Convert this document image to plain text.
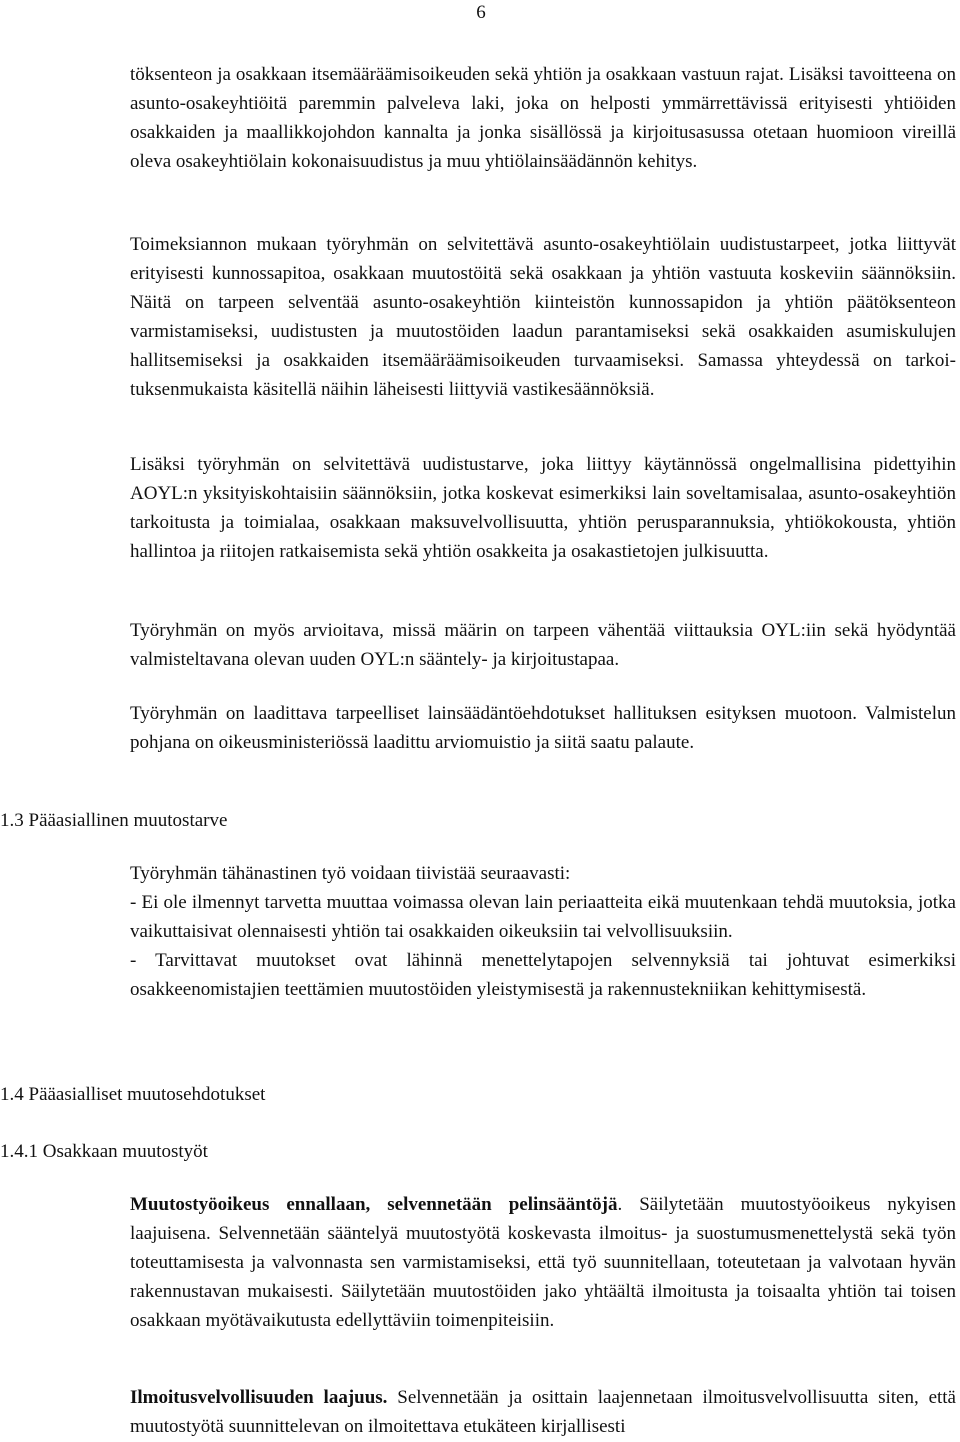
6

töksenteon ja osakkaan itsemääräämisoikeuden sekä yhtiön ja osakkaan vastuun rajat. Lisäksi tavoitteena on asunto-osakeyhtiöitä paremmin palveleva laki, joka on helposti ymmärrettävissä erityisesti yhtiöiden osakkaiden ja maallikkojohdon kannalta ja jonka sisällössä ja kirjoitusasussa otetaan huomioon vireillä oleva osakeyhtiölain kokonaisuudistus ja muu yhtiölainsäädännön kehitys.

Toimeksiannon mukaan työryhmän on selvitettävä asunto-osakeyhtiölain uudistustarpeet, jotka liittyvät erityisesti kunnossapitoa, osakkaan muutostöitä sekä osakkaan ja yhtiön vastuuta koskeviin säännöksiin. Näitä on tarpeen selventää asunto-osakeyhtiön kiinteistön kunnossapidon ja yhtiön päätöksenteon varmistamiseksi, uudistusten ja muutostöiden laadun parantamiseksi sekä osakkaiden asumiskulujen hallitsemiseksi ja osakkaiden itsemääräämisoikeuden turvaamiseksi. Samassa yhteydessä on tarkoituksenmukaista käsitellä näihin läheisesti liittyviä vastikesäännöksiä.

Lisäksi työryhmän on selvitettävä uudistustarve, joka liittyy käytännössä ongelmallisina pidettyihin AOYL:n yksityiskohtaisiin säännöksiin, jotka koskevat esimerkiksi lain soveltamisalaa, asunto-osakeyhtiön tarkoitusta ja toimialaa, osakkaan maksuvelvollisuutta, yhtiön perusparannuksia, yhtiökokousta, yhtiön hallintoa ja riitojen ratkaisemista sekä yhtiön osakkeita ja osakastietojen julkisuutta.

Työryhmän on myös arvioitava, missä määrin on tarpeen vähentää viittauksia OYL:iin sekä hyödyntää valmisteltavana olevan uuden OYL:n sääntely- ja kirjoitustapaa.

Työryhmän on laadittava tarpeelliset lainsäädäntöehdotukset hallituksen esityksen muotoon. Valmistelun pohjana on oikeusministeriössä laadittu arviomuistio ja siitä saatu palaute.

1.3 Pääasiallinen muutostarve
Työryhmän tähänastinen työ voidaan tiivistää seuraavasti:
- Ei ole ilmennyt tarvetta muuttaa voimassa olevan lain periaatteita eikä muutenkaan tehdä muutoksia, jotka vaikuttaisivat olennaisesti yhtiön tai osakkaiden oikeuksiin tai velvollisuuksiin.
- Tarvittavat muutokset ovat lähinnä menettelytapojen selvennyksiä tai johtuvat esimerkiksi osakkeenomistajien teettämien muutostöiden yleistymisestä ja rakennustekniikan kehittymisestä.
1.4 Pääasialliset muutosehdotukset
1.4.1 Osakkaan muutostyöt

Muutostyöoikeus ennallaan, selvennetään pelinsääntöjä. Säilytetään muutostyöoikeus nykyisen laajuisena. Selvennetään sääntelyä muutostyötä koskevasta ilmoitus- ja suostumusmenettelystä sekä työn toteuttamisesta ja valvonnasta sen varmistamiseksi, että työ suunnitellaan, toteutetaan ja valvotaan hyvän rakennustavan mukaisesti. Säilytetään muutostöiden jako yhtäältä ilmoitusta ja toisaalta yhtiön tai toisen osakkaan myötävaikutusta edellyttäviin toimenpiteisiin.

Ilmoitusvelvollisuuden laajuus. Selvennetään ja osittain laajennetaan ilmoitusvelvollisuutta siten, että muutostyötä suunnittelevan on ilmoitettava etukäteen kirjallisesti
